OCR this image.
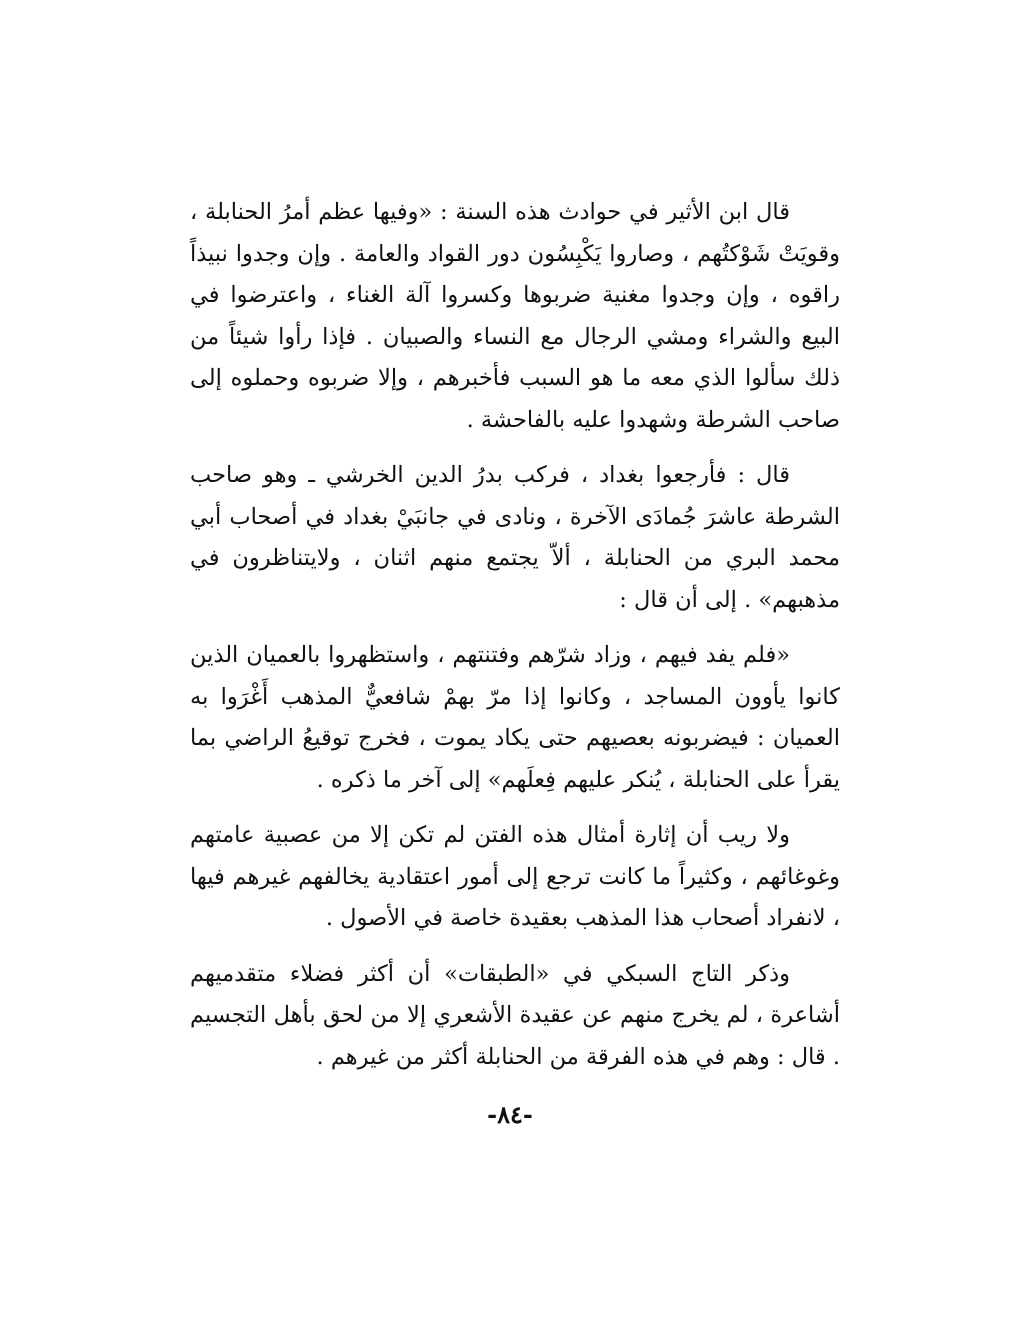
قال ابن الأثير في حوادث هذه السنة : «وفيها عظم أمرُ الحنابلة ، وقويَتْ شَوْكتُهم ، وصاروا يَكْبِسُون دور القواد والعامة . وإن وجدوا نبيذاً راقوه ، وإن وجدوا مغنية ضربوها وكسروا آلة الغناء ، واعترضوا في البيع والشراء ومشي الرجال مع النساء والصبيان . فإذا رأوا شيئاً من ذلك سألوا الذي معه ما هو السبب فأخبرهم ، وإلا ضربوه وحملوه إلى صاحب الشرطة وشهدوا عليه بالفاحشة .

قال : فأرجعوا بغداد ، فركب بدرُ الدين الخرشي ـ وهو صاحب الشرطة عاشرَ جُمادَى الآخرة ، ونادى في جانبَيْ بغداد في أصحاب أبي محمد البري من الحنابلة ، ألاّ يجتمع منهم اثنان ، ولايتناظرون في مذهبهم» . إلى أن قال :

«فلم يفد فيهم ، وزاد شرّهم وفتنتهم ، واستظهروا بالعميان الذين كانوا يأوون المساجد ، وكانوا إذا مرّ بهمْ شافعيٌّ المذهب أَغْرَوا به العميان : فيضربونه بعصيهم حتى يكاد يموت ، فخرج توقيعُ الراضي بما يقرأ على الحنابلة ، يُنكر عليهم فِعلَهم» إلى آخر ما ذكره .

ولا ريب أن إثارة أمثال هذه الفتن لم تكن إلا من عصبية عامتهم وغوغائهم ، وكثيراً ما كانت ترجع إلى أمور اعتقادية يخالفهم غيرهم فيها ، لانفراد أصحاب هذا المذهب بعقيدة خاصة في الأصول .

وذكر التاج السبكي في «الطبقات» أن أكثر فضلاء متقدميهم أشاعرة ، لم يخرج منهم عن عقيدة الأشعري إلا من لحق بأهل التجسيم . قال : وهم في هذه الفرقة من الحنابلة أكثر من غيرهم .

-٨٤-
